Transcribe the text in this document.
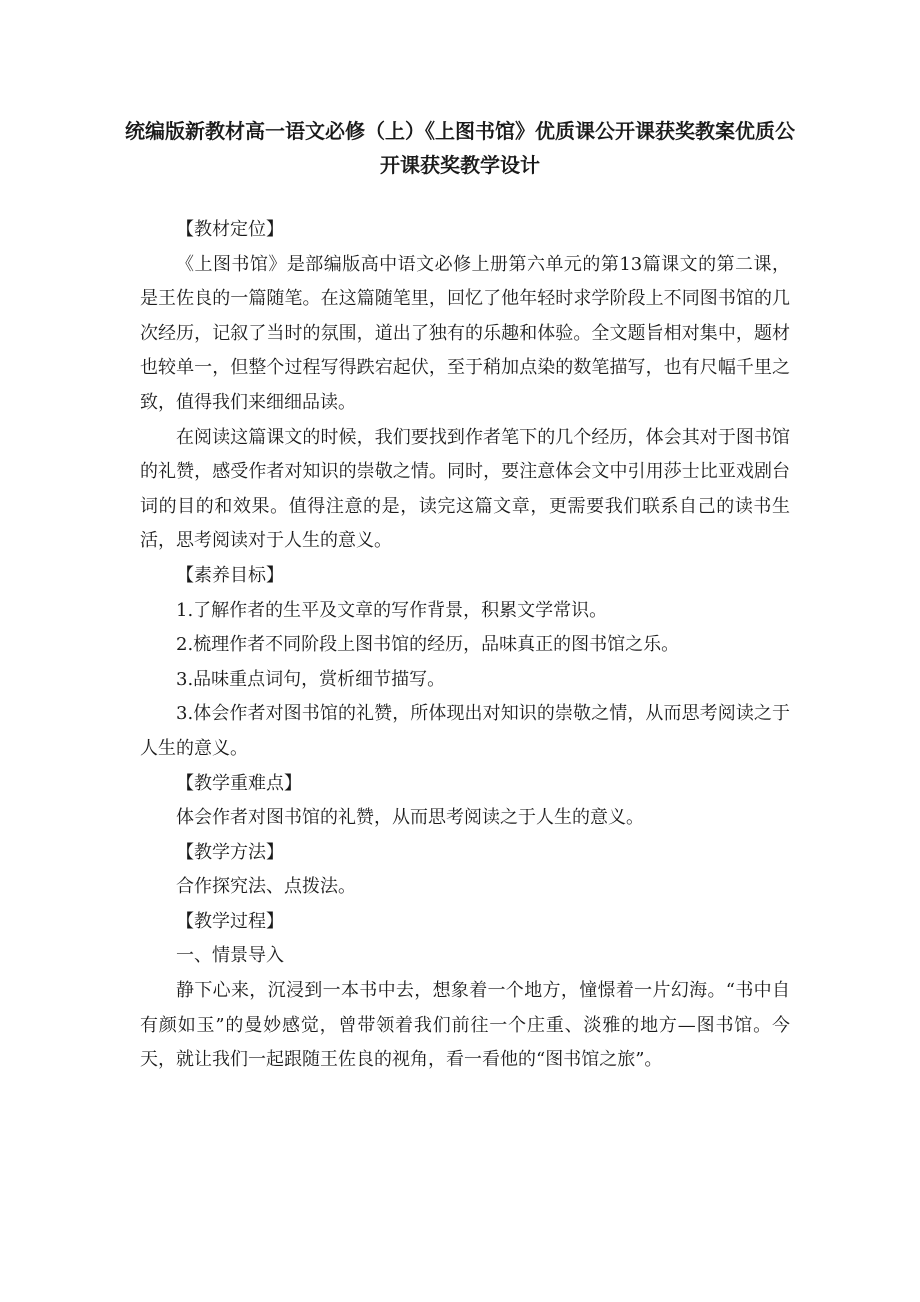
统编版新教材高一语文必修（上）《上图书馆》优质课公开课获奖教案优质公开课获奖教学设计

【教材定位】

《上图书馆》是部编版高中语文必修上册第六单元的第13篇课文的第二课，是王佐良的一篇随笔。在这篇随笔里，回忆了他年轻时求学阶段上不同图书馆的几次经历，记叙了当时的氛围，道出了独有的乐趣和体验。全文题旨相对集中，题材也较单一，但整个过程写得跌宕起伏，至于稍加点染的数笔描写，也有尺幅千里之致，值得我们来细细品读。

在阅读这篇课文的时候，我们要找到作者笔下的几个经历，体会其对于图书馆的礼赞，感受作者对知识的崇敬之情。同时，要注意体会文中引用莎士比亚戏剧台词的目的和效果。值得注意的是，读完这篇文章，更需要我们联系自己的读书生活，思考阅读对于人生的意义。

【素养目标】

1.了解作者的生平及文章的写作背景，积累文学常识。

2.梳理作者不同阶段上图书馆的经历，品味真正的图书馆之乐。

3.品味重点词句，赏析细节描写。

3.体会作者对图书馆的礼赞，所体现出对知识的崇敬之情，从而思考阅读之于人生的意义。

【教学重难点】

体会作者对图书馆的礼赞，从而思考阅读之于人生的意义。

【教学方法】

合作探究法、点拨法。

【教学过程】

一、情景导入

静下心来，沉浸到一本书中去，想象着一个地方，憧憬着一片幻海。“书中自有颜如玉”的曼妙感觉，曾带领着我们前往一个庄重、淡雅的地方—图书馆。今天，就让我们一起跟随王佐良的视角，看一看他的“图书馆之旅”。
